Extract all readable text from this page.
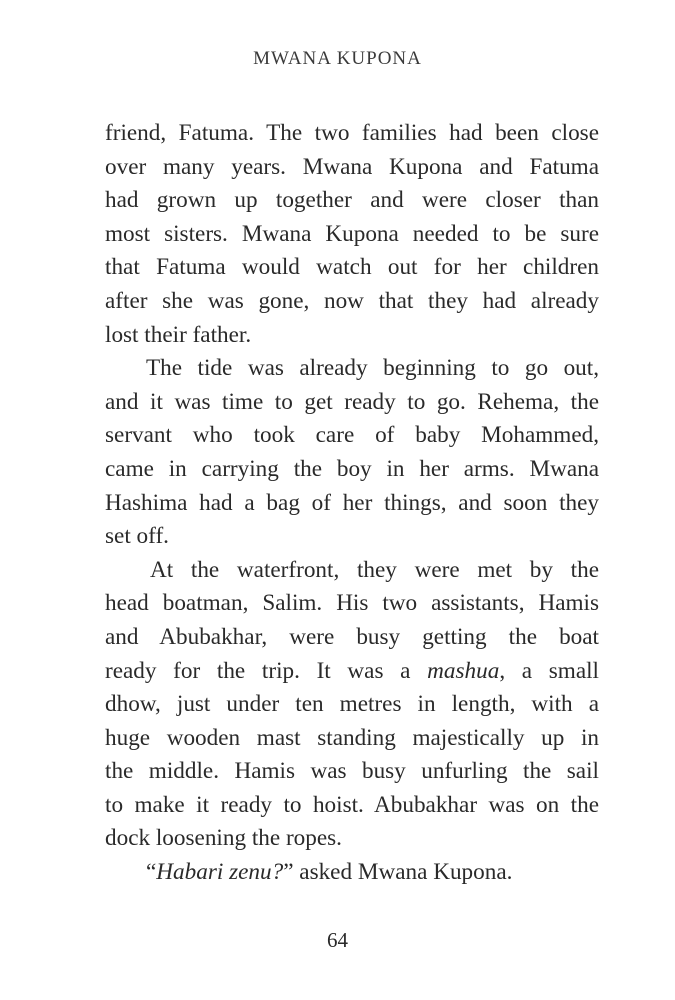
MWANA KUPONA
friend, Fatuma. The two families had been close
over many years. Mwana Kupona and Fatuma
had grown up together and were closer than
most sisters. Mwana Kupona needed to be sure
that Fatuma would watch out for her children
after she was gone, now that they had already
lost their father.
The tide was already beginning to go out,
and it was time to get ready to go. Rehema, the
servant who took care of baby Mohammed,
came in carrying the boy in her arms. Mwana
Hashima had a bag of her things, and soon they
set off.
At the waterfront, they were met by the
head boatman, Salim. His two assistants, Hamis
and Abubakhar, were busy getting the boat
ready for the trip. It was a mashua, a small
dhow, just under ten metres in length, with a
huge wooden mast standing majestically up in
the middle. Hamis was busy unfurling the sail
to make it ready to hoist. Abubakhar was on the
dock loosening the ropes.
“Habari zenu?” asked Mwana Kupona.
64
